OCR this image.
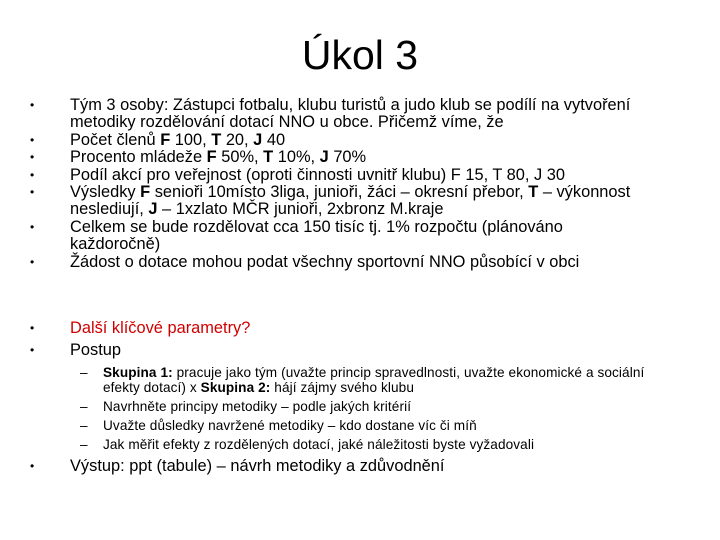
Úkol 3
• Tým 3 osoby: Zástupci fotbalu, klubu turistů a judo klub se podílí na vytvoření metodiky rozdělování dotací NNO u obce. Přičemž víme, že
• Počet členů F 100, T 20, J 40
• Procento mládeže F 50%, T 10%, J 70%
• Podíl akcí pro veřejnost (oproti činnosti uvnitř klubu) F 15, T 80, J 30
• Výsledky F senioři 10místo 3liga, junioři, žáci – okresní přebor, T – výkonnost neslediují, J – 1xzlato MČR junioři, 2xbronz M.kraje
• Celkem se bude rozdělovat cca 150 tisíc tj. 1% rozpočtu (plánováno každoročně)
• Žádost o dotace mohou podat všechny sportovní NNO působící v obci
• Další klíčové parametry?
• Postup
– Skupina 1: pracuje jako tým (uvažte princip spravedlnosti, uvažte ekonomické a sociální efekty dotací) x Skupina 2: hájí zájmy svého klubu
– Navrhněte principy metodiky – podle jakých kritérií
– Uvažte důsledky navržené metodiky – kdo dostane víc či míň
– Jak měřit efekty z rozdělených dotací, jaké náležitosti byste vyžadovali
• Výstup: ppt (tabule) – návrh metodiky a zdůvodnění
